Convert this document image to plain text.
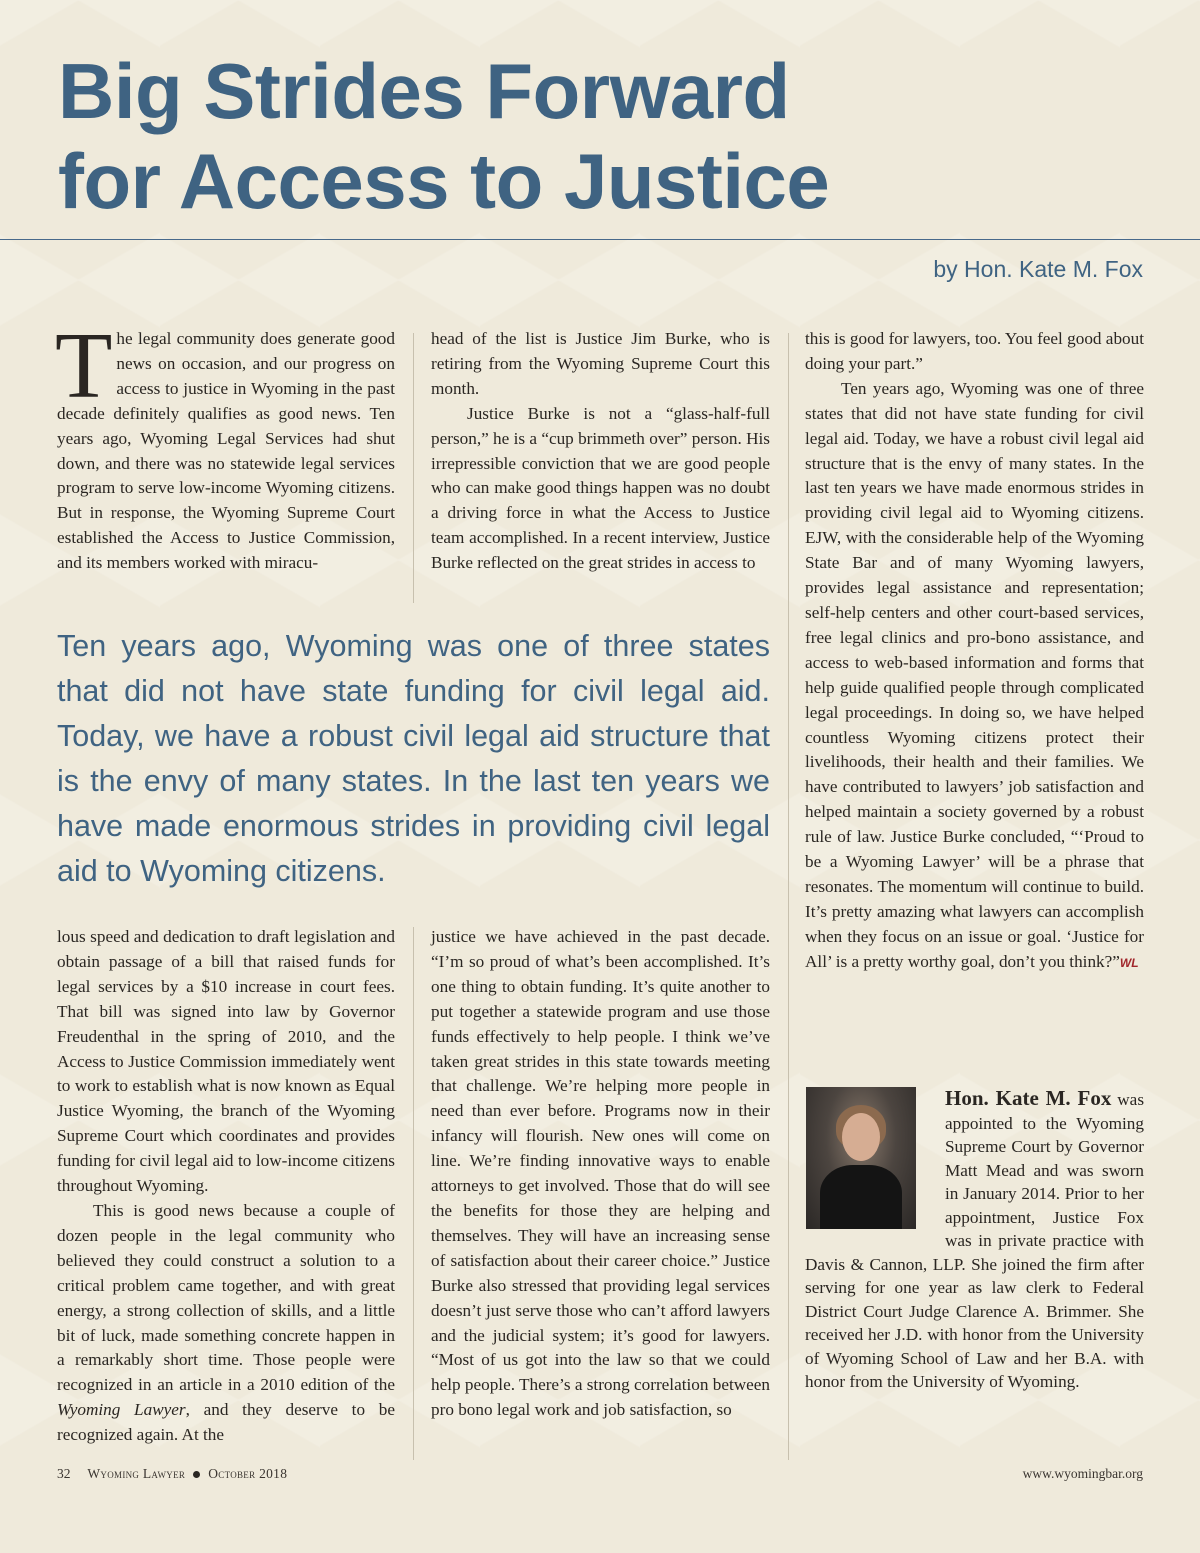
Big Strides Forward
for Access to Justice
by Hon. Kate M. Fox

The legal community does generate good news on occasion, and our progress on access to justice in Wyoming in the past decade definitely qualifies as good news. Ten years ago, Wyoming Legal Services had shut down, and there was no statewide legal services program to serve low-income Wyoming citizens. But in response, the Wyoming Supreme Court established the Access to Justice Commission, and its members worked with miracu-

head of the list is Justice Jim Burke, who is retiring from the Wyoming Supreme Court this month.

Justice Burke is not a “glass-half-full person,” he is a “cup brimmeth over” person. His irrepressible conviction that we are good people who can make good things happen was no doubt a driving force in what the Access to Justice team accomplished. In a recent interview, Justice Burke reflected on the great strides in access to

Ten years ago, Wyoming was one of three states that did not have state funding for civil legal aid. Today, we have a robust civil legal aid structure that is the envy of many states. In the last ten years we have made enormous strides in providing civil legal aid to Wyoming citizens.

lous speed and dedication to draft legislation and obtain passage of a bill that raised funds for legal services by a $10 increase in court fees. That bill was signed into law by Governor Freudenthal in the spring of 2010, and the Access to Justice Commission immediately went to work to establish what is now known as Equal Justice Wyoming, the branch of the Wyoming Supreme Court which coordinates and provides funding for civil legal aid to low-income citizens throughout Wyoming.

This is good news because a couple of dozen people in the legal community who believed they could construct a solution to a critical problem came together, and with great energy, a strong collection of skills, and a little bit of luck, made something concrete happen in a remarkably short time. Those people were recognized in an article in a 2010 edition of the Wyoming Lawyer, and they deserve to be recognized again. At the

justice we have achieved in the past decade. “I’m so proud of what’s been accomplished. It’s one thing to obtain funding. It’s quite another to put together a statewide program and use those funds effectively to help people. I think we’ve taken great strides in this state towards meeting that challenge. We’re helping more people in need than ever before. Programs now in their infancy will flourish. New ones will come on line. We’re finding innovative ways to enable attorneys to get involved. Those that do will see the benefits for those they are helping and themselves. They will have an increasing sense of satisfaction about their career choice.” Justice Burke also stressed that providing legal services doesn’t just serve those who can’t afford lawyers and the judicial system; it’s good for lawyers. “Most of us got into the law so that we could help people. There’s a strong correlation between pro bono legal work and job satisfaction, so

this is good for lawyers, too. You feel good about doing your part.”

Ten years ago, Wyoming was one of three states that did not have state funding for civil legal aid. Today, we have a robust civil legal aid structure that is the envy of many states. In the last ten years we have made enormous strides in providing civil legal aid to Wyoming citizens. EJW, with the considerable help of the Wyoming State Bar and of many Wyoming lawyers, provides legal assistance and representation; self-help centers and other court-based services, free legal clinics and pro-bono assistance, and access to web-based information and forms that help guide qualified people through complicated legal proceedings. In doing so, we have helped countless Wyoming citizens protect their livelihoods, their health and their families. We have contributed to lawyers’ job satisfaction and helped maintain a society governed by a robust rule of law. Justice Burke concluded, “‘Proud to be a Wyoming Lawyer’ will be a phrase that resonates. The momentum will continue to build. It’s pretty amazing what lawyers can accomplish when they focus on an issue or goal. ‘Justice for All’ is a pretty worthy goal, don’t you think?”WL

Hon. Kate M. Fox was appointed to the Wyoming Supreme Court by Governor Matt Mead and was sworn in January 2014. Prior to her appointment, Justice Fox was in private practice with Davis & Cannon, LLP. She joined the firm after serving for one year as law clerk to Federal District Court Judge Clarence A. Brimmer. She received her J.D. with honor from the University of Wyoming School of Law and her B.A. with honor from the University of Wyoming.
32 Wyoming Lawyer October 2018	www.wyomingbar.org
